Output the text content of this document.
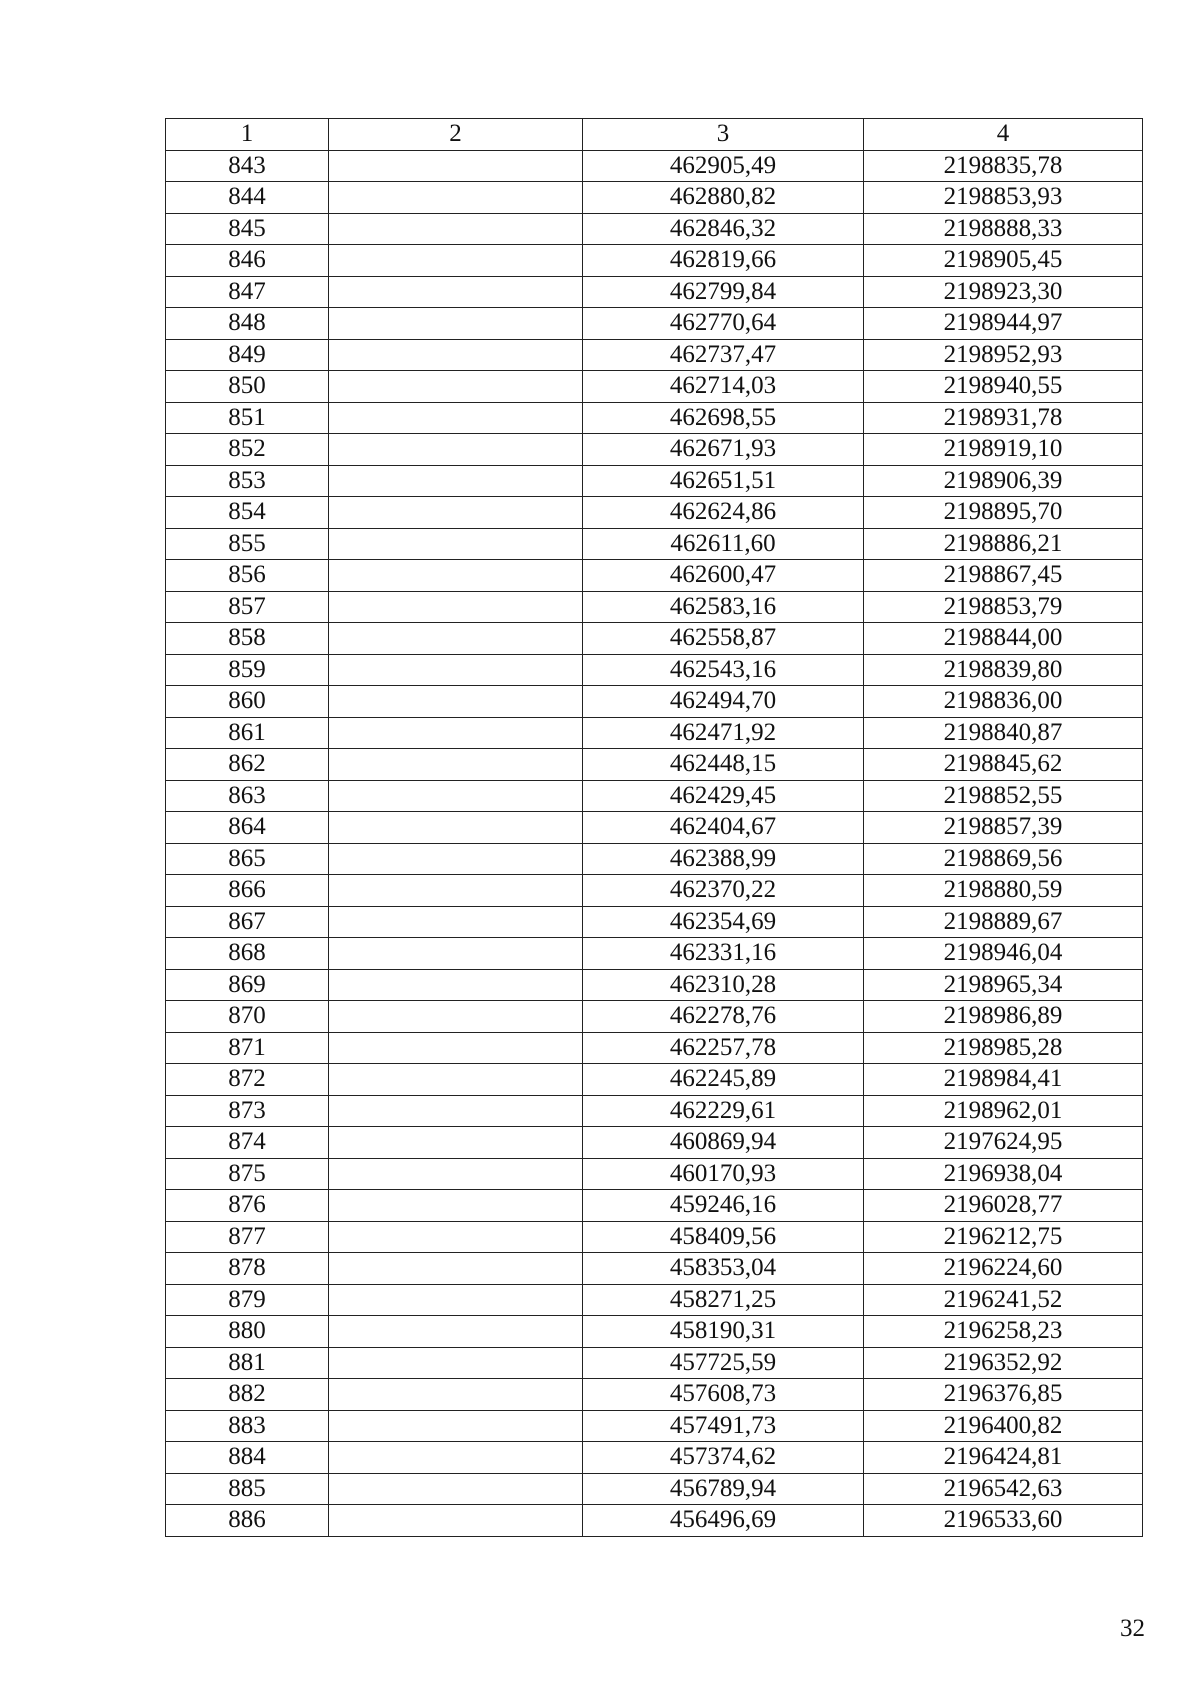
1	2	3	4
843		462905,49	2198835,78
844		462880,82	2198853,93
845		462846,32	2198888,33
846		462819,66	2198905,45
847		462799,84	2198923,30
848		462770,64	2198944,97
849		462737,47	2198952,93
850		462714,03	2198940,55
851		462698,55	2198931,78
852		462671,93	2198919,10
853		462651,51	2198906,39
854		462624,86	2198895,70
855		462611,60	2198886,21
856		462600,47	2198867,45
857		462583,16	2198853,79
858		462558,87	2198844,00
859		462543,16	2198839,80
860		462494,70	2198836,00
861		462471,92	2198840,87
862		462448,15	2198845,62
863		462429,45	2198852,55
864		462404,67	2198857,39
865		462388,99	2198869,56
866		462370,22	2198880,59
867		462354,69	2198889,67
868		462331,16	2198946,04
869		462310,28	2198965,34
870		462278,76	2198986,89
871		462257,78	2198985,28
872		462245,89	2198984,41
873		462229,61	2198962,01
874		460869,94	2197624,95
875		460170,93	2196938,04
876		459246,16	2196028,77
877		458409,56	2196212,75
878		458353,04	2196224,60
879		458271,25	2196241,52
880		458190,31	2196258,23
881		457725,59	2196352,92
882		457608,73	2196376,85
883		457491,73	2196400,82
884		457374,62	2196424,81
885		456789,94	2196542,63
886		456496,69	2196533,60
32
